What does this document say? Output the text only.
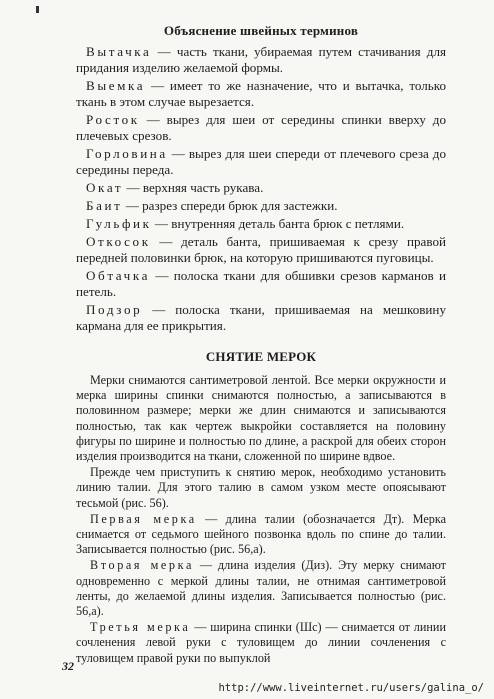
Объяснение швейных терминов

Вытачка — часть ткани, убираемая путем стачивания для придания изделию желаемой формы.

Выемка — имеет то же назначение, что и вытачка, только ткань в этом случае вырезается.

Росток — вырез для шеи от середины спинки вверху до плечевых срезов.

Горловина — вырез для шеи спереди от плечевого среза до середины переда.

Окат — верхняя часть рукава.

Баит — разрез спереди брюк для застежки.

Гульфик — внутренняя деталь банта брюк с петлями.

Откосок — деталь банта, пришиваемая к срезу правой передней половинки брюк, на которую пришиваются пуговицы.

Обтачка — полоска ткани для обшивки срезов карманов и петель.

Подзор — полоска ткани, пришиваемая на мешковину кармана для ее прикрытия.

СНЯТИЕ МЕРОК

Мерки снимаются сантиметровой лентой. Все мерки окружности и мерка ширины спинки снимаются полностью, а записываются в половинном размере; мерки же длин снимаются и записываются полностью, так как чертеж выкройки составляется на половину фигуры по ширине и полностью по длине, а раскрой для обеих сторон изделия производится на ткани, сложенной по ширине вдвое.

Прежде чем приступить к снятию мерок, необходимо установить линию талии. Для этого талию в самом узком месте опоясывают тесьмой (рис. 56).

Первая мерка — длина талии (обозначается Дт). Мерка снимается от седьмого шейного позвонка вдоль по спине до талии. Записывается полностью (рис. 56,а).

Вторая мерка — длина изделия (Диз). Эту мерку снимают одновременно с меркой длины талии, не отнимая сантиметровой ленты, до желаемой длины изделия. Записывается полностью (рис. 56,а).

Третья мерка — ширина спинки (Шс) — снимается от линии сочленения левой руки с туловищем до линии сочленения с туловищем правой руки по выпуклой

32
http://www.liveinternet.ru/users/galina_o/
